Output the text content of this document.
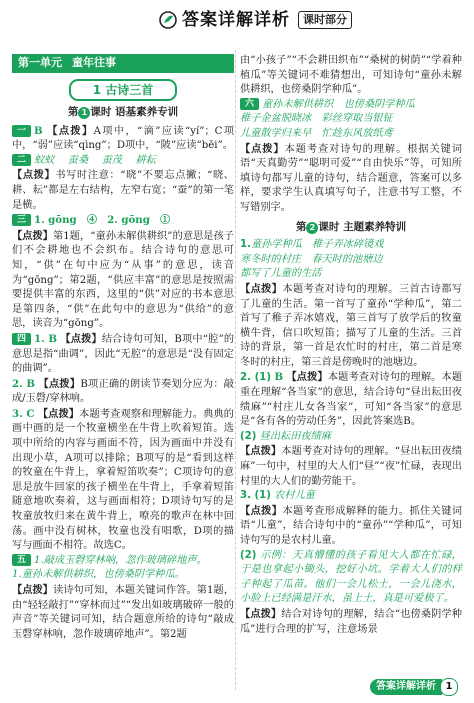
答案详解详析	课时部分
第一单元 童年往事
1 古诗三首
第 1 课时 语基素养专训

一 B 【点拨】A项中，“滴”应读“yí”；C项中，“弱”应读“qìng”；D项中，“陂”应读“bēi”。

二 蚁蚁　 蚕桑　 蚕茂　 耕耘

【点拨】书写时注意：“晓”不要忘点撇；“晓、耕、耘”都是左右结构，左窄右宽；“蚕”的第一笔是横。

三 1. gōng　④　2. gōng　①

【点拨】第1题，“童孙未解供耕织”的意思是孩子们不会耕地也不会织布。结合诗句的意思可知，“供”在句中应为“从事”的意思，读音为“gōng”；第2题，“供应丰富”的意思是按照需要提供丰富的东西，这里的“供”对应的书本意思是第四条，“供”在此句中的意思为“供给”的意思，读音为“gōng”。

四 1. B 【点拨】结合诗句可知，B项中“腔”的意思是指“曲调”，因此“无腔”的意思是“没有固定的曲调”。

2. B 【点拨】B项正确的朗读节奏划分应为：敲成/玉磬/穿林响。

3. C 【点拨】本题考查观察和理解能力。典典的画中画的是一个牧童横坐在牛背上吹着短笛。选项中所给的内容与画面不符，因为画面中并没有出现小草，A项可以排除；B项写的是“看到这样的牧童在牛背上，拿着短笛吹奏”；C项诗句的意思是放牛回家的孩子横坐在牛背上，手拿着短笛随意地吹奏着，这与画面相符；D项诗句写的是牧童放牧归来在黄牛背上，嘹亮的歌声在林中回荡。画中没有树林，牧童也没有唱歌，D项的描写与画面不相符。故选C。

五 1.敲成玉磬穿林响，忽作玻璃碎地声。

1.童孙未解供耕织，也傍桑阴学种瓜。

【点拨】读诗句可知，本题关键词作答。第1题，由“轻轻敲打”“穿林而过”“发出如玻璃破碎一般的声音”等关键词可知，结合题意所给的诗句“敲成玉磬穿林响，忽作玻璃碎地声”。第2题

由“小孩子”“不会耕田织布”“桑树的树荫”“学着种植瓜”等关键词不难猜想出，可知诗句“童孙未解供耕织，也傍桑阴学种瓜”。

六 童孙未解供耕织　也傍桑阴学种瓜

稚子金盆脱晓冰　彩丝穿取当银钲

儿童散学归来早　忙趁东风放纸鸢

【点拨】本题考查对诗句的理解。根据关键词语“天真勤劳”“聪明可爱”“自由快乐”等，可知所填诗句都写儿童的诗句，结合题意，答案可以多样，要求学生认真填写句子，注意书写工整，不写错别字。

第 2 课时 主题素养特训

1.童孙学种瓜　 稚子弄冰碎镜戏

寒冬时的村庄　 春天时的池塘边

都写了儿童的生活

【点拨】本题考查对诗句的理解。三首古诗都写了儿童的生活。第一首写了童孙“学种瓜”，第二首写了稚子弄冰嬉戏，第三首写了放学后的牧童横牛背，信口吹短笛；描写了儿童的生活。三首诗的背景，第一首是农忙时的村庄，第二首是寒冬时的村庄，第三首是傍晚时的池塘边。

2. (1) B 【点拨】本题考查对诗句的理解。本题重在理解“各当家”的意思，结合诗句“昼出耘田夜绩麻”“村庄儿女各当家”，可知“各当家”的意思是“各有各的劳动任务”，因此答案选B。

(2) 昼出耘田夜绩麻

【点拨】本题考查对诗句的理解。“昼出耘田夜绩麻”一句中，村里的大人们“昼”“夜”忙碌，表现出村里的大人们的勤劳能干。

3. (1) 农村儿童

【点拨】本题考查形成解释的能力。抓住关键词语“儿童”，结合诗句中的“童孙”“学种瓜”，可知诗句写的是农村儿童。

(2) 示例：天真懵懂的孩子看见大人都在忙碌，于是也拿起小锄头，挖好小坑。学着大人们的样子种起了瓜苗。他们一会儿松土，一会儿浇水，小脸上已经满是汗水，虽上土，真是可爱极了。

【点拨】结合对诗句的理解，结合“也傍桑阴学种瓜”进行合理的扩写，注意场景

答案详解详析 1
